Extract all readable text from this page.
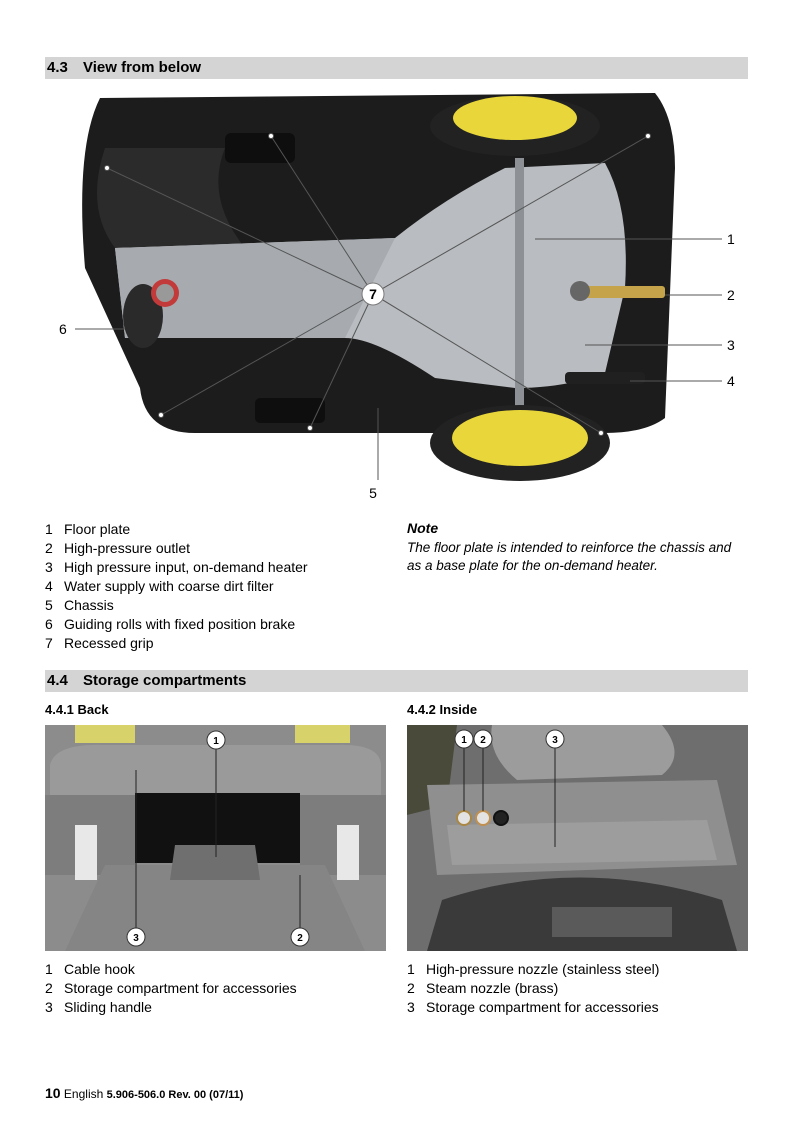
4.3 View from below
7
1
2
3
4
5
6
1 Floor plate
2 High-pressure outlet
3 High pressure input, on-demand heater
4 Water supply with coarse dirt filter
5 Chassis
6 Guiding rolls with fixed position brake
7 Recessed grip
Note
The floor plate is intended to reinforce the chassis and as a base plate for the on-demand heater.
4.4 Storage compartments
4.4.1 Back	4.4.2 Inside
1
3	2
1 2	3
1 Cable hook
2 Storage compartment for accessories
3 Sliding handle
1 High-pressure nozzle (stainless steel)
2 Steam nozzle (brass)
3 Storage compartment for accessories
10 English 5.906-506.0 Rev. 00 (07/11)
